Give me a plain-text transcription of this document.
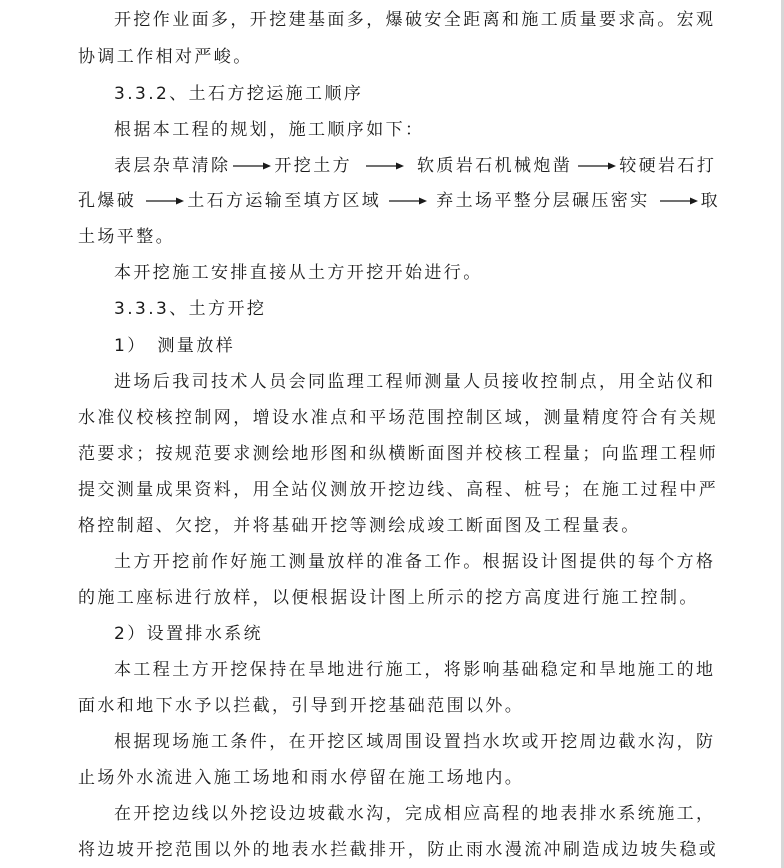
开挖作业面多，开挖建基面多，爆破安全距离和施工质量要求高。宏观
协调工作相对严峻。
3.3.2、土石方挖运施工顺序
根据本工程的规划，施工顺序如下：
表层杂草清除	开挖土方	软质岩石机械炮凿	较硬岩石打
孔爆破	土石方运输至填方区域	弃土场平整分层碾压密实	取
土场平整。
本开挖施工安排直接从土方开挖开始进行。
3.3.3、土方开挖
1）　测量放样
进场后我司技术人员会同监理工程师测量人员接收控制点，用全站仪和
水准仪校核控制网，增设水准点和平场范围控制区域，测量精度符合有关规
范要求；按规范要求测绘地形图和纵横断面图并校核工程量；向监理工程师
提交测量成果资料，用全站仪测放开挖边线、高程、桩号；在施工过程中严
格控制超、欠挖，并将基础开挖等测绘成竣工断面图及工程量表。
土方开挖前作好施工测量放样的准备工作。根据设计图提供的每个方格
的施工座标进行放样，以便根据设计图上所示的挖方高度进行施工控制。
2）设置排水系统
本工程土方开挖保持在旱地进行施工，将影响基础稳定和旱地施工的地
面水和地下水予以拦截，引导到开挖基础范围以外。
根据现场施工条件，在开挖区域周围设置挡水坎或开挖周边截水沟，防
止场外水流进入施工场地和雨水停留在施工场地内。
在开挖边线以外挖设边坡截水沟，完成相应高程的地表排水系统施工，
将边坡开挖范围以外的地表水拦截排开，防止雨水漫流冲刷造成边坡失稳或
